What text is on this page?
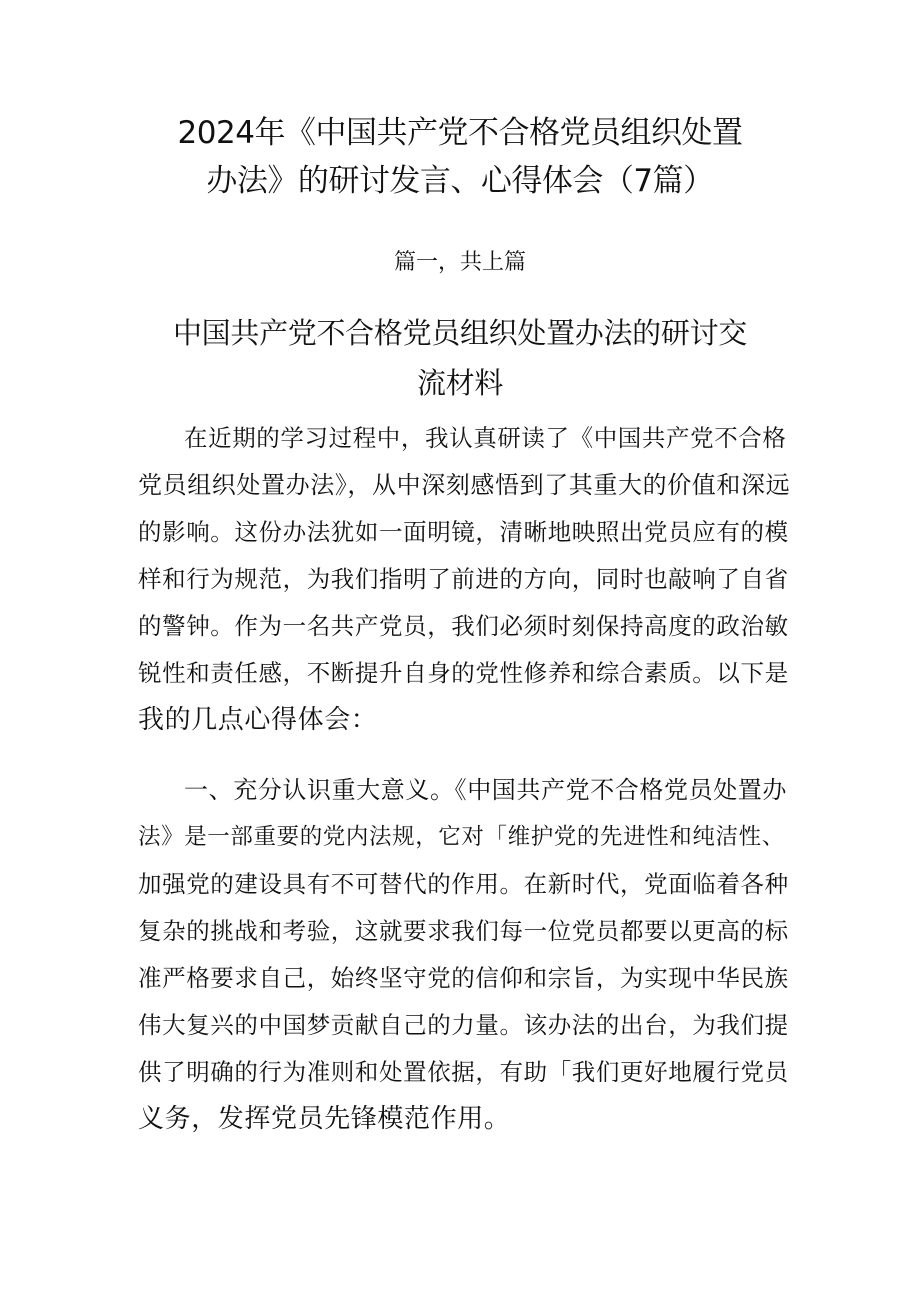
2024年《中国共产党不合格党员组织处置
办法》的研讨发言、心得体会（7篇）

篇一，共上篇

中国共产党不合格党员组织处置办法的研讨交
流材料

在近期的学习过程中，我认真研读了《中国共产党不合格

党员组织处置办法》，从中深刻感悟到了其重大的价值和深远

的影响。这份办法犹如一面明镜，清晰地映照出党员应有的模

样和行为规范，为我们指明了前进的方向，同时也敲响了自省

的警钟。作为一名共产党员，我们必须时刻保持高度的政治敏

锐性和责任感，不断提升自身的党性修养和综合素质。以下是

我的几点心得体会：

一、充分认识重大意义。《中国共产党不合格党员处置办

法》是一部重要的党内法规，它对「维护党的先进性和纯洁性、

加强党的建设具有不可替代的作用。在新时代，党面临着各种

复杂的挑战和考验，这就要求我们每一位党员都要以更高的标

准严格要求自己，始终坚守党的信仰和宗旨，为实现中华民族

伟大复兴的中国梦贡献自己的力量。该办法的出台，为我们提

供了明确的行为准则和处置依据，有助「我们更好地履行党员

义务，发挥党员先锋模范作用。
